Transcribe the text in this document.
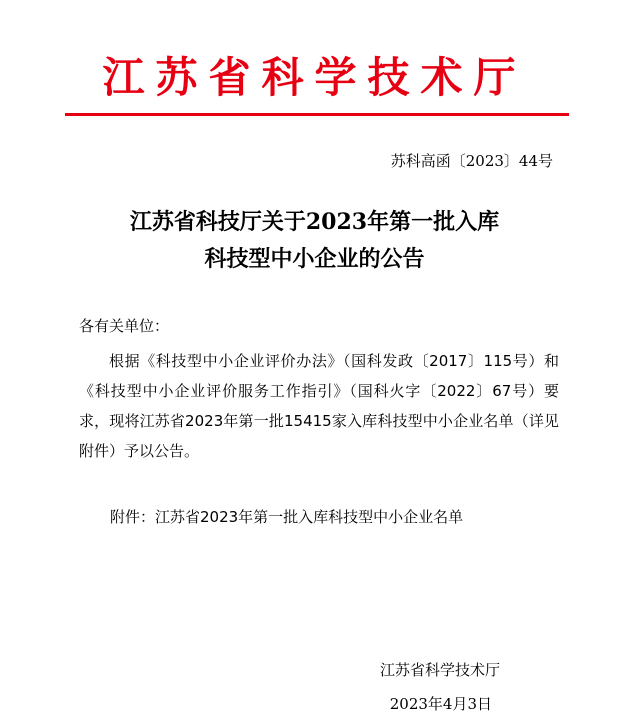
江苏省科学技术厅
苏科高函〔2023〕44号
江苏省科技厅关于2023年第一批入库
科技型中小企业的公告
各有关单位：
根据《科技型中小企业评价办法》（国科发政〔2017〕115号）和《科技型中小企业评价服务工作指引》（国科火字〔2022〕67号）要求，现将江苏省2023年第一批15415家入库科技型中小企业名单（详见附件）予以公告。
附件：江苏省2023年第一批入库科技型中小企业名单
江苏省科学技术厅
2023年4月3日
